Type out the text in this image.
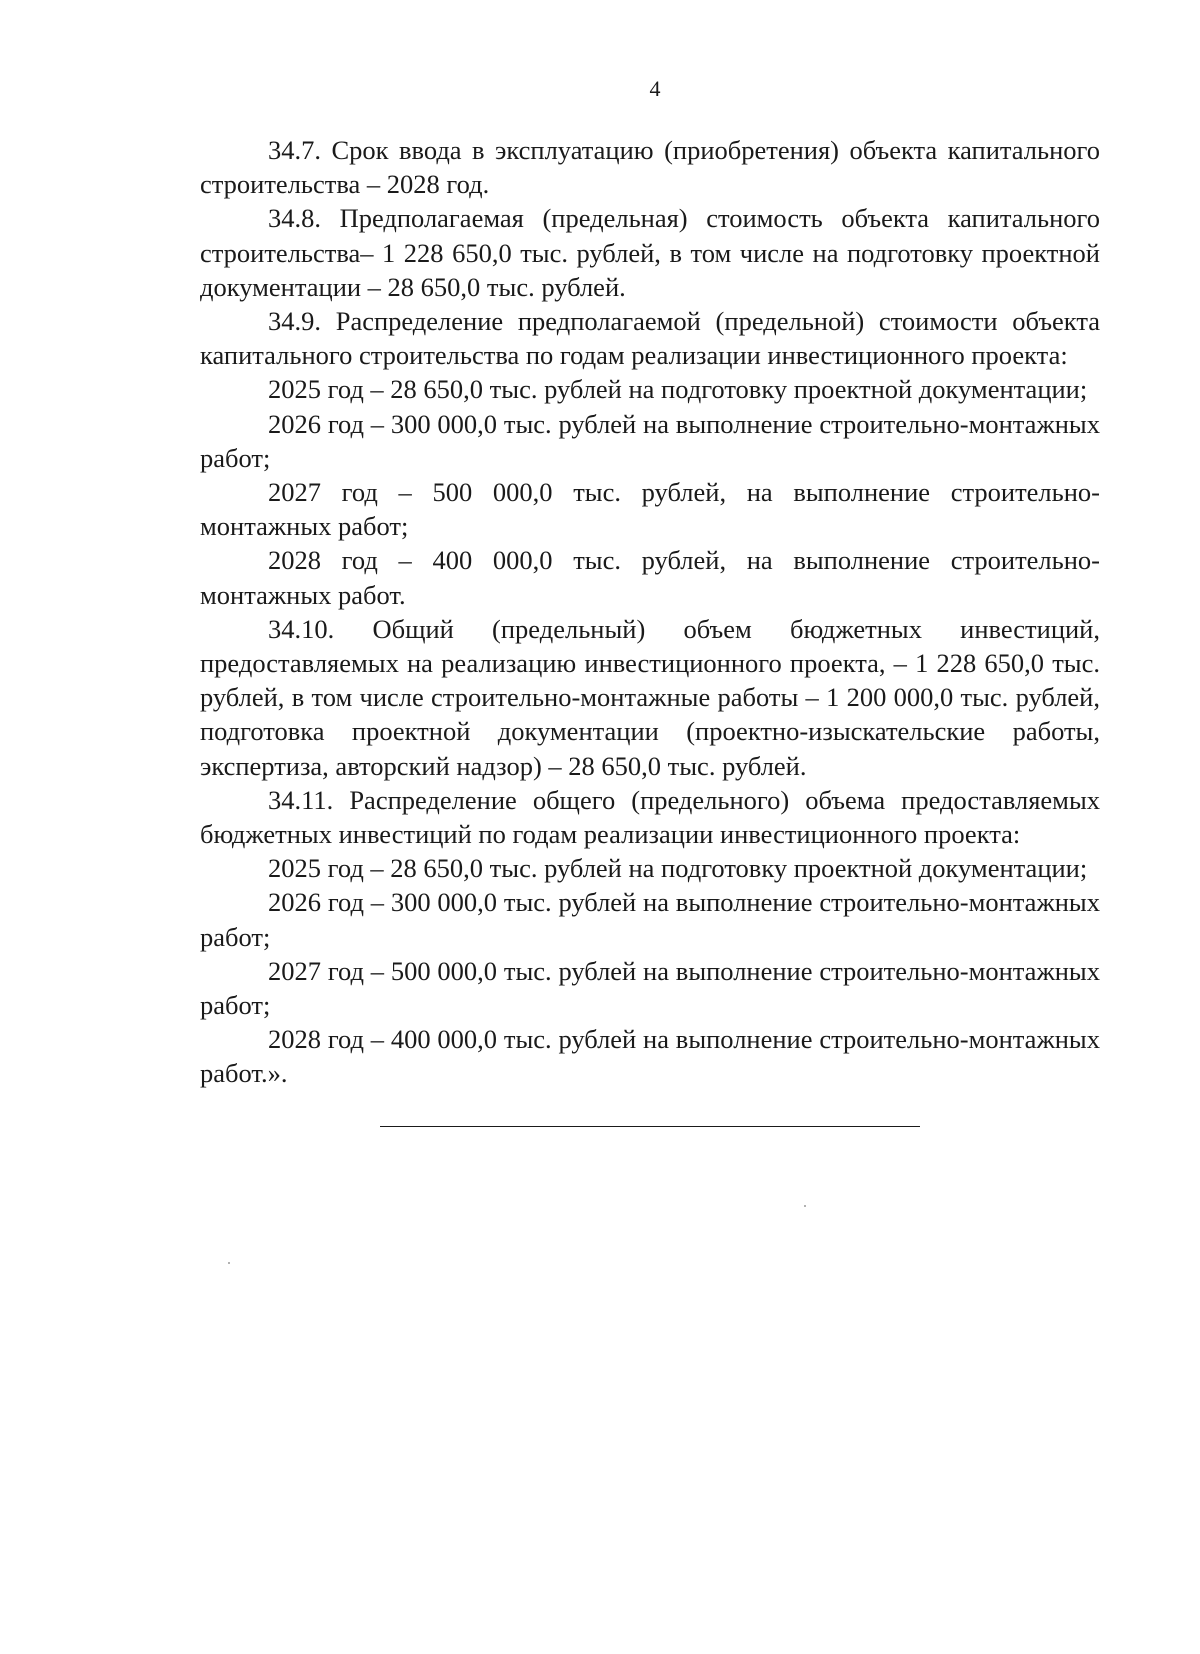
4

34.7. Срок ввода в эксплуатацию (приобретения) объекта капитального строительства – 2028 год.

34.8. Предполагаемая (предельная) стоимость объекта капитального строительства– 1 228 650,0 тыс. рублей, в том числе на подготовку проектной документации – 28 650,0 тыс. рублей.

34.9. Распределение предполагаемой (предельной) стоимости объекта капитального строительства по годам реализации инвестиционного проекта:

2025 год – 28 650,0 тыс. рублей на подготовку проектной документации;

2026 год – 300 000,0 тыс. рублей на выполнение строительно-монтажных работ;

2027 год – 500 000,0 тыс. рублей, на выполнение строительно-монтажных работ;

2028 год – 400 000,0 тыс. рублей, на выполнение строительно-монтажных работ.

34.10. Общий (предельный) объем бюджетных инвестиций, предоставляемых на реализацию инвестиционного проекта, – 1 228 650,0 тыс. рублей, в том числе строительно-монтажные работы – 1 200 000,0 тыс. рублей, подготовка проектной документации (проектно-изыскательские работы, экспертиза, авторский надзор) – 28 650,0 тыс. рублей.

34.11. Распределение общего (предельного) объема предоставляемых бюджетных инвестиций по годам реализации инвестиционного проекта:

2025 год – 28 650,0 тыс. рублей на подготовку проектной документации;

2026 год – 300 000,0 тыс. рублей на выполнение строительно-монтажных работ;

2027 год – 500 000,0 тыс. рублей на выполнение строительно-монтажных работ;

2028 год – 400 000,0 тыс. рублей на выполнение строительно-монтажных работ.».
